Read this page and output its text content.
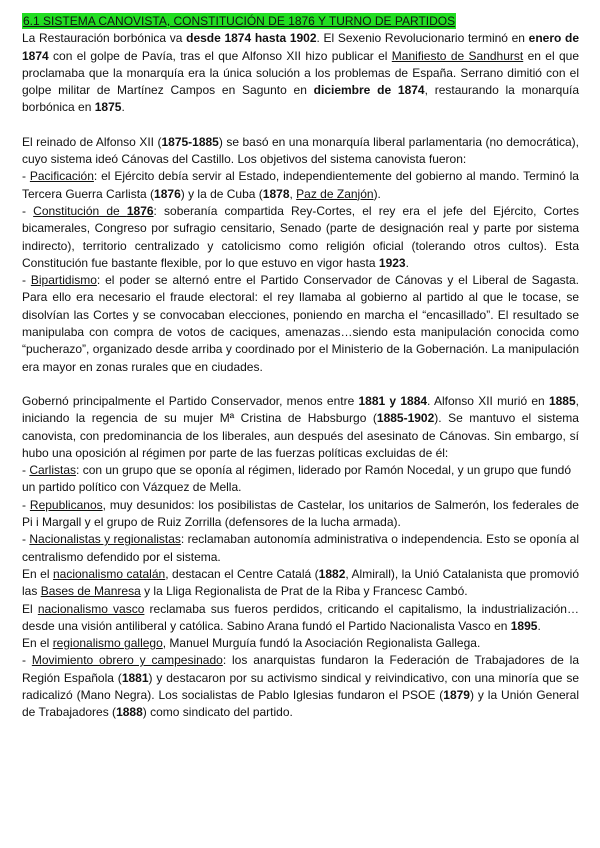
6.1 SISTEMA CANOVISTA, CONSTITUCIÓN DE 1876 Y TURNO DE PARTIDOS

La Restauración borbónica va desde 1874 hasta 1902. El Sexenio Revolucionario terminó en enero de 1874 con el golpe de Pavía, tras el que Alfonso XII hizo publicar el Manifiesto de Sandhurst en el que proclamaba que la monarquía era la única solución a los problemas de España. Serrano dimitió con el golpe militar de Martínez Campos en Sagunto en diciembre de 1874, restaurando la monarquía borbónica en 1875.

El reinado de Alfonso XII (1875-1885) se basó en una monarquía liberal parlamentaria (no democrática), cuyo sistema ideó Cánovas del Castillo. Los objetivos del sistema canovista fueron:

- Pacificación: el Ejército debía servir al Estado, independientemente del gobierno al mando. Terminó la Tercera Guerra Carlista (1876) y la de Cuba (1878, Paz de Zanjón).

- Constitución de 1876: soberanía compartida Rey-Cortes, el rey era el jefe del Ejército, Cortes bicamerales, Congreso por sufragio censitario, Senado (parte de designación real y parte por sistema indirecto), territorio centralizado y catolicismo como religión oficial (tolerando otros cultos). Esta Constitución fue bastante flexible, por lo que estuvo en vigor hasta 1923.

- Bipartidismo: el poder se alternó entre el Partido Conservador de Cánovas y el Liberal de Sagasta. Para ello era necesario el fraude electoral: el rey llamaba al gobierno al partido al que le tocase, se disolvían las Cortes y se convocaban elecciones, poniendo en marcha el “encasillado”. El resultado se manipulaba con compra de votos de caciques, amenazas…siendo esta manipulación conocida como “pucherazo”, organizado desde arriba y coordinado por el Ministerio de la Gobernación. La manipulación era mayor en zonas rurales que en ciudades.

Gobernó principalmente el Partido Conservador, menos entre 1881 y 1884. Alfonso XII murió en 1885, iniciando la regencia de su mujer Mª Cristina de Habsburgo (1885-1902). Se mantuvo el sistema canovista, con predominancia de los liberales, aun después del asesinato de Cánovas. Sin embargo, sí hubo una oposición al régimen por parte de las fuerzas políticas excluidas de él:

- Carlistas: con un grupo que se oponía al régimen, liderado por Ramón Nocedal, y un grupo que fundó un partido político con Vázquez de Mella.

- Republicanos, muy desunidos: los posibilistas de Castelar, los unitarios de Salmerón, los federales de Pi i Margall y el grupo de Ruiz Zorrilla (defensores de la lucha armada).

- Nacionalistas y regionalistas: reclamaban autonomía administrativa o independencia. Esto se oponía al centralismo defendido por el sistema.

En el nacionalismo catalán, destacan el Centre Catalá (1882, Almirall), la Unió Catalanista que promovió las Bases de Manresa y la Lliga Regionalista de Prat de la Riba y Francesc Cambó.

El nacionalismo vasco reclamaba sus fueros perdidos, criticando el capitalismo, la industrialización…desde una visión antiliberal y católica. Sabino Arana fundó el Partido Nacionalista Vasco en 1895.

En el regionalismo gallego, Manuel Murguía fundó la Asociación Regionalista Gallega.

- Movimiento obrero y campesinado: los anarquistas fundaron la Federación de Trabajadores de la Región Española (1881) y destacaron por su activismo sindical y reivindicativo, con una minoría que se radicalizó (Mano Negra). Los socialistas de Pablo Iglesias fundaron el PSOE (1879) y la Unión General de Trabajadores (1888) como sindicato del partido.
